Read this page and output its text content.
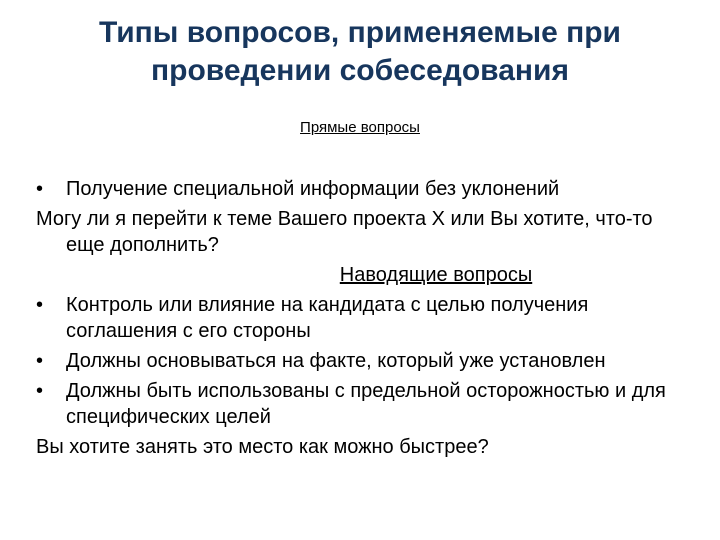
Типы вопросов, применяемые при
проведении собеседования
Прямые вопросы
•	Получение специальной информации без уклонений
Могу ли я перейти к теме Вашего проекта Х или Вы хотите, что-то еще дополнить?
Наводящие вопросы
•	Контроль или влияние на кандидата с целью получения соглашения с его стороны
•	Должны основываться на факте, который уже установлен
•	Должны быть использованы с предельной осторожностью и для специфических целей
Вы хотите занять это место как можно быстрее?
